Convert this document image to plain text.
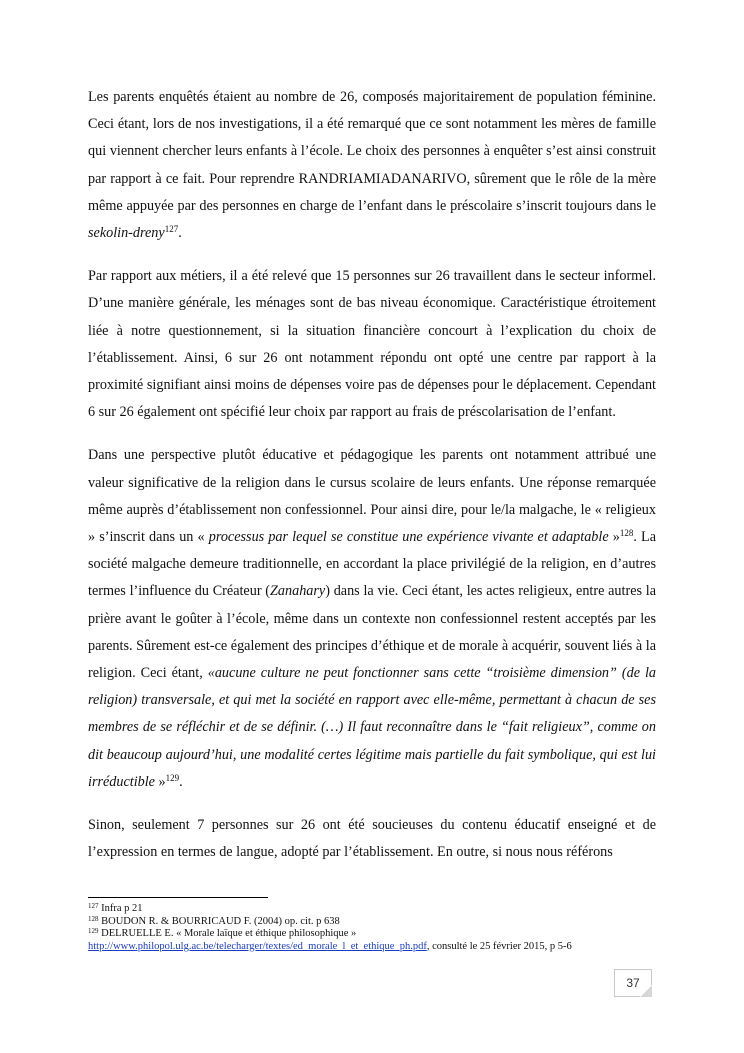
Les parents enquêtés étaient au nombre de 26, composés majoritairement de population féminine. Ceci étant, lors de nos investigations, il a été remarqué que ce sont notamment les mères de famille qui viennent chercher leurs enfants à l’école. Le choix des personnes à enquêter s’est ainsi construit par rapport à ce fait. Pour reprendre RANDRIAMIADANARIVO, sûrement que le rôle de la mère même appuyée par des personnes en charge de l’enfant dans le préscolaire s’inscrit toujours dans le sekolin-dreny$^{127}$.

Par rapport aux métiers, il a été relevé que 15 personnes sur 26 travaillent dans le secteur informel. D’une manière générale, les ménages sont de bas niveau économique. Caractéristique étroitement liée à notre questionnement, si la situation financière concourt à l’explication du choix de l’établissement. Ainsi, 6 sur 26 ont notamment répondu ont opté une centre par rapport à la proximité signifiant ainsi moins de dépenses voire pas de dépenses pour le déplacement. Cependant 6 sur 26 également ont spécifié leur choix par rapport au frais de préscolarisation de l’enfant.

Dans une perspective plutôt éducative et pédagogique les parents ont notamment attribué une valeur significative de la religion dans le cursus scolaire de leurs enfants. Une réponse remarquée même auprès d’établissement non confessionnel. Pour ainsi dire, pour le/la malgache, le « religieux » s’inscrit dans un « processus par lequel se constitue une expérience vivante et adaptable »$^{128}$. La société malgache demeure traditionnelle, en accordant la place privilégié de la religion, en d’autres termes l’influence du Créateur (Zanahary) dans la vie. Ceci étant, les actes religieux, entre autres la prière avant le goûter à l’école, même dans un contexte non confessionnel restent acceptés par les parents. Sûrement est-ce également des principes d’éthique et de morale à acquérir, souvent liés à la religion. Ceci étant, «aucune culture ne peut fonctionner sans cette “troisième dimension” (de la religion) transversale, et qui met la société en rapport avec elle-même, permettant à chacun de ses membres de se réfléchir et de se définir. (…) Il faut reconnaître dans le “fait religieux”, comme on dit beaucoup aujourd’hui, une modalité certes légitime mais partielle du fait symbolique, qui est lui irréductible »$^{129}$.

Sinon, seulement 7 personnes sur 26 ont été soucieuses du contenu éducatif enseigné et de l’expression en termes de langue, adopté par l’établissement. En outre, si nous nous référons

$^{127}$ Infra p 21

$^{128}$ BOUDON R. & BOURRICAUD F. (2004) op. cit. p 638

$^{129}$ DELRUELLE E. « Morale laïque et éthique philosophique »

http://www.philopol.ulg.ac.be/telecharger/textes/ed_morale_l_et_ethique_ph.pdf, consulté le 25 février 2015, p 5-6

37
